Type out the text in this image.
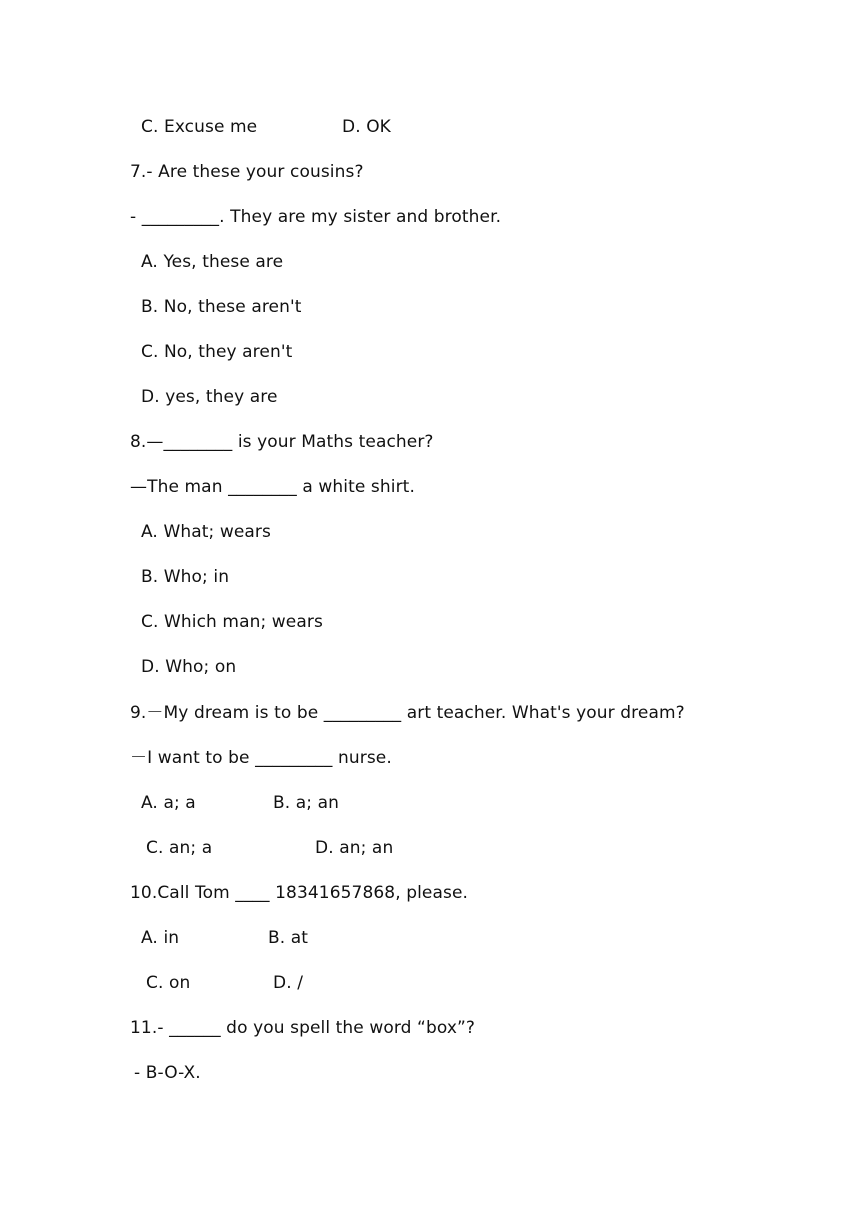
C. Excuse me	D. OK
7.- Are these your cousins?
- _________. They are my sister and brother.
A. Yes, these are
B. No, these aren't
C. No, they aren't
D. yes, they are
8.—________ is your Maths teacher?
—The man ________ a white shirt.
A. What; wears
B. Who; in
C. Which man; wears
D. Who; on
9.－My dream is to be _________ art teacher. What's your dream?
－I want to be _________ nurse.
A. a; a	B. a; an
C. an; a	D. an; an
10.Call Tom ____ 18341657868, please.
A. in	B. at
C. on	D. /
11.- ______ do you spell the word “box”?
- B-O-X.
